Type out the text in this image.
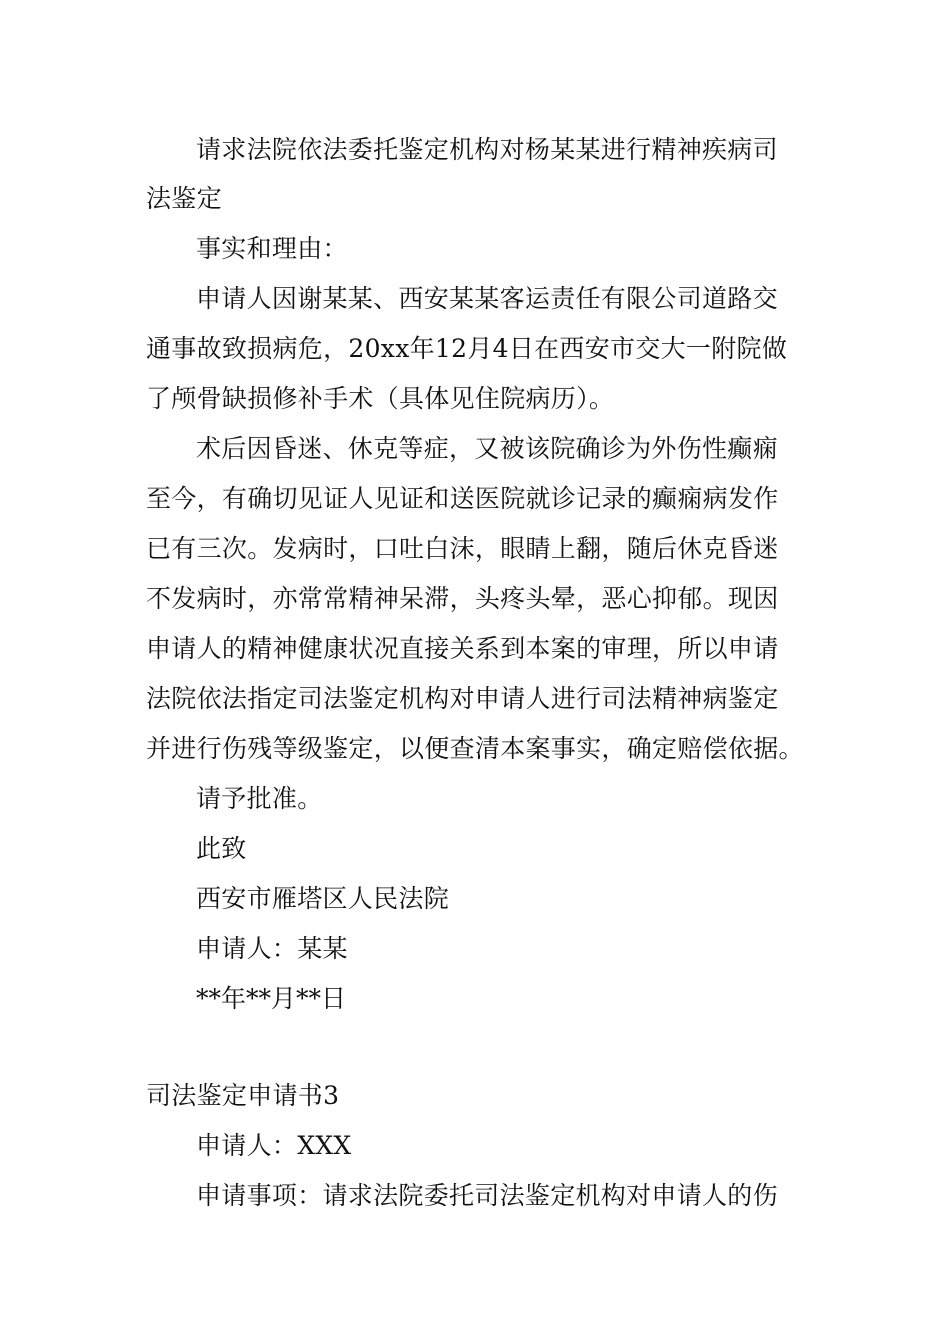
请求法院依法委托鉴定机构对杨某某进行精神疾病司
法鉴定
事实和理由：
申请人因谢某某、西安某某客运责任有限公司道路交
通事故致损病危，20xx年12月4日在西安市交大一附院做
了颅骨缺损修补手术（具体见住院病历）。
术后因昏迷、休克等症，又被该院确诊为外伤性癫痫
至今，有确切见证人见证和送医院就诊记录的癫痫病发作
已有三次。发病时，口吐白沫，眼睛上翻，随后休克昏迷
不发病时，亦常常精神呆滞，头疼头晕，恶心抑郁。现因
申请人的精神健康状况直接关系到本案的审理，所以申请
法院依法指定司法鉴定机构对申请人进行司法精神病鉴定
并进行伤残等级鉴定，以便查清本案事实，确定赔偿依据。
请予批准。
此致
西安市雁塔区人民法院
申请人：某某
**年**月**日
司法鉴定申请书3
申请人：XXX
申请事项：请求法院委托司法鉴定机构对申请人的伤
